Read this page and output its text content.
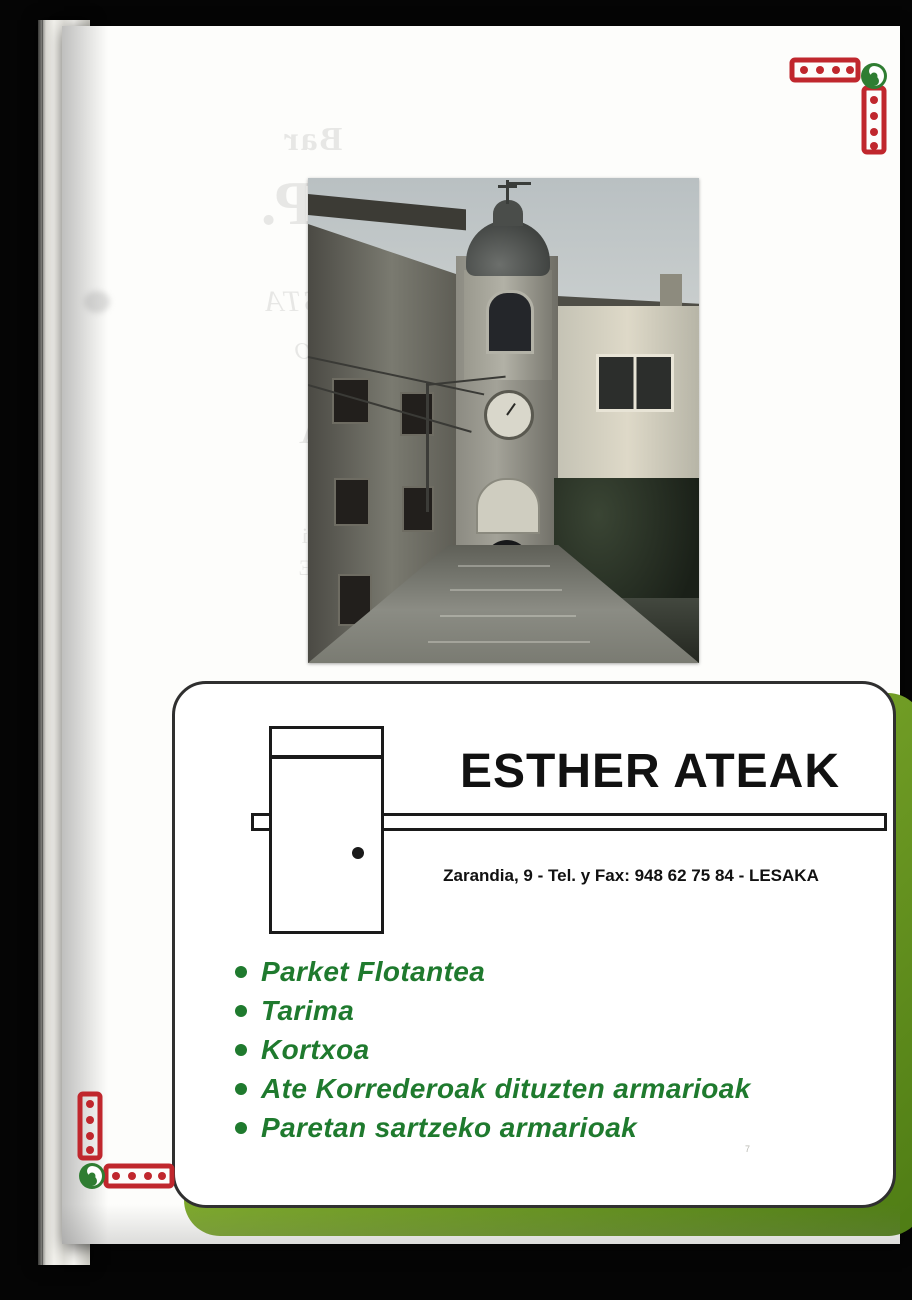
Bar
ESTHER ATEAK
Zarandia, 9 - Tel. y Fax: 948 62 75 84 - LESAKA
Parket Flotantea
Tarima
Kortxoa
Ate Korrederoak dituzten armarioak
Paretan sartzeko armarioak
7
